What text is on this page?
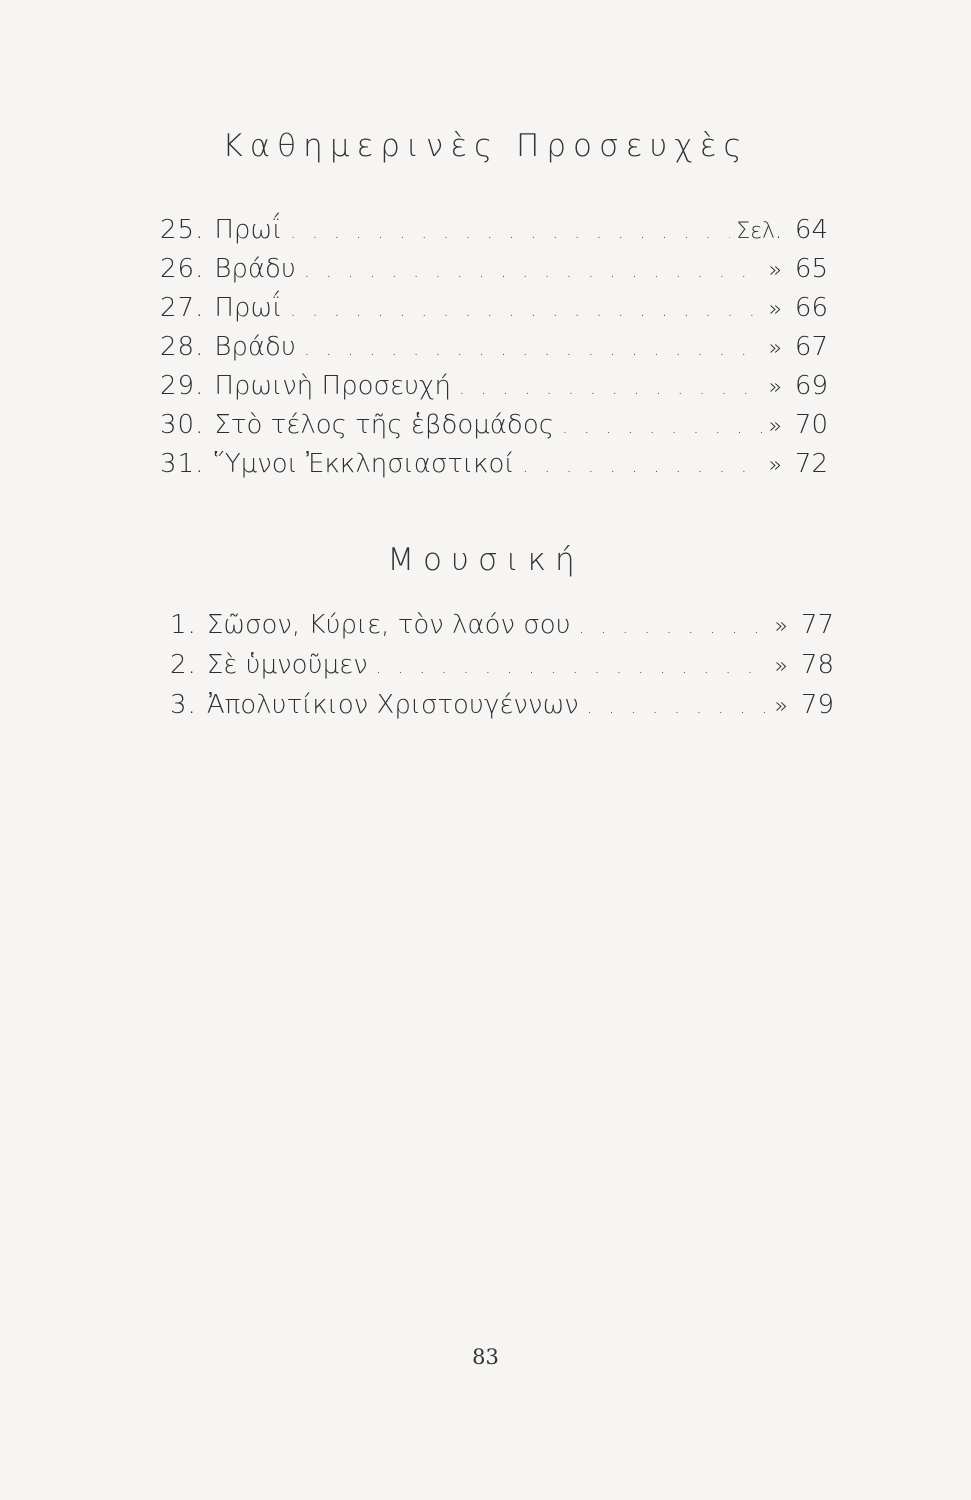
Καθημερινὲς Προσευχὲς
25. Πρωΐ . . .	Σελ. 64
26. Βράδυ . . .	» 65
27. Πρωΐ . . .	» 66
28. Βράδυ . . .	» 67
29. Πρωινὴ Προσευχή . . .	» 69
30. Στὸ τέλος τῆς ἑβδομάδος . . .	» 70
31. Ὕμνοι Ἐκκλησιαστικοί . . .	» 72
Μουσική
1. Σῶσον, Κύριε, τὸν λαόν σου . . .	» 77
2. Σὲ ὑμνοῦμεν . . .	» 78
3. Ἀπολυτίκιον Χριστουγέννων . . .	» 79
83
